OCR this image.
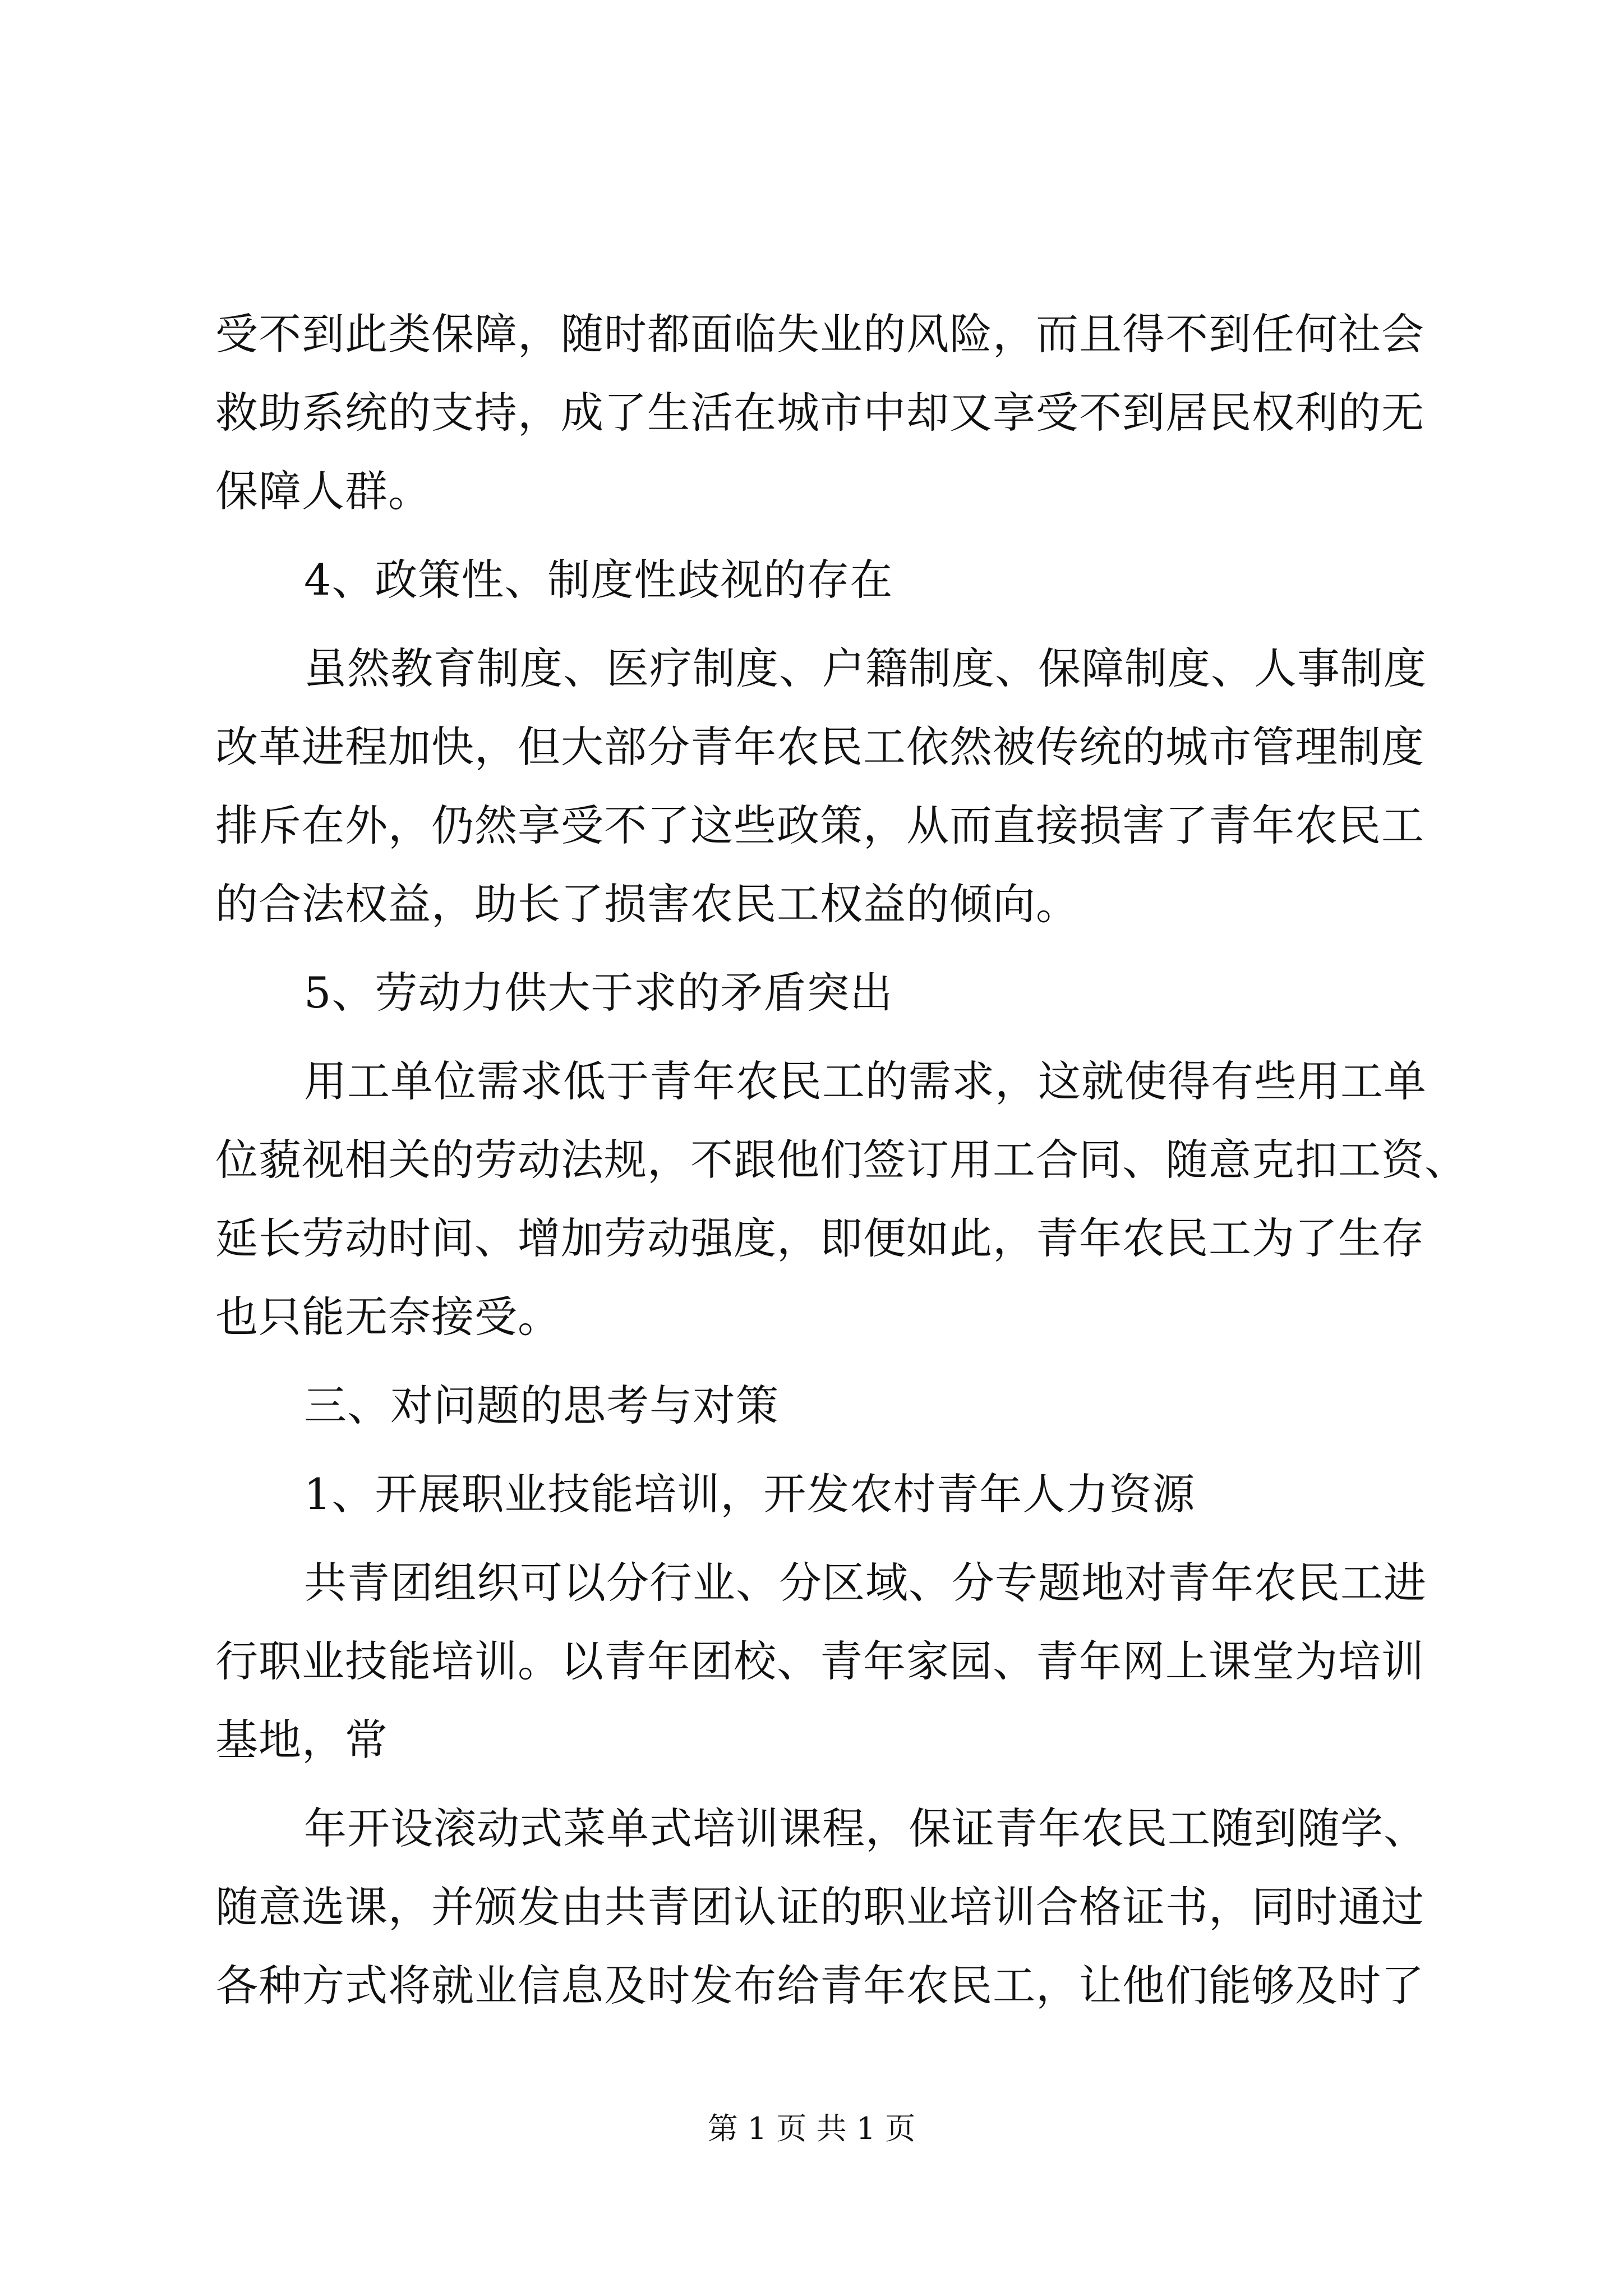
受不到此类保障，随时都面临失业的风险，而且得不到任何社会
救助系统的支持，成了生活在城市中却又享受不到居民权利的无
保障人群。
4、政策性、制度性歧视的存在
虽然教育制度、医疗制度、户籍制度、保障制度、人事制度
改革进程加快，但大部分青年农民工依然被传统的城市管理制度
排斥在外，仍然享受不了这些政策，从而直接损害了青年农民工
的合法权益，助长了损害农民工权益的倾向。
5、劳动力供大于求的矛盾突出
用工单位需求低于青年农民工的需求，这就使得有些用工单
位藐视相关的劳动法规，不跟他们签订用工合同、随意克扣工资、
延长劳动时间、增加劳动强度，即便如此，青年农民工为了生存
也只能无奈接受。
三、对问题的思考与对策
1、开展职业技能培训，开发农村青年人力资源
共青团组织可以分行业、分区域、分专题地对青年农民工进
行职业技能培训。以青年团校、青年家园、青年网上课堂为培训
基地，常
年开设滚动式菜单式培训课程，保证青年农民工随到随学、
随意选课，并颁发由共青团认证的职业培训合格证书，同时通过
各种方式将就业信息及时发布给青年农民工，让他们能够及时了
第 1 页 共 1 页
